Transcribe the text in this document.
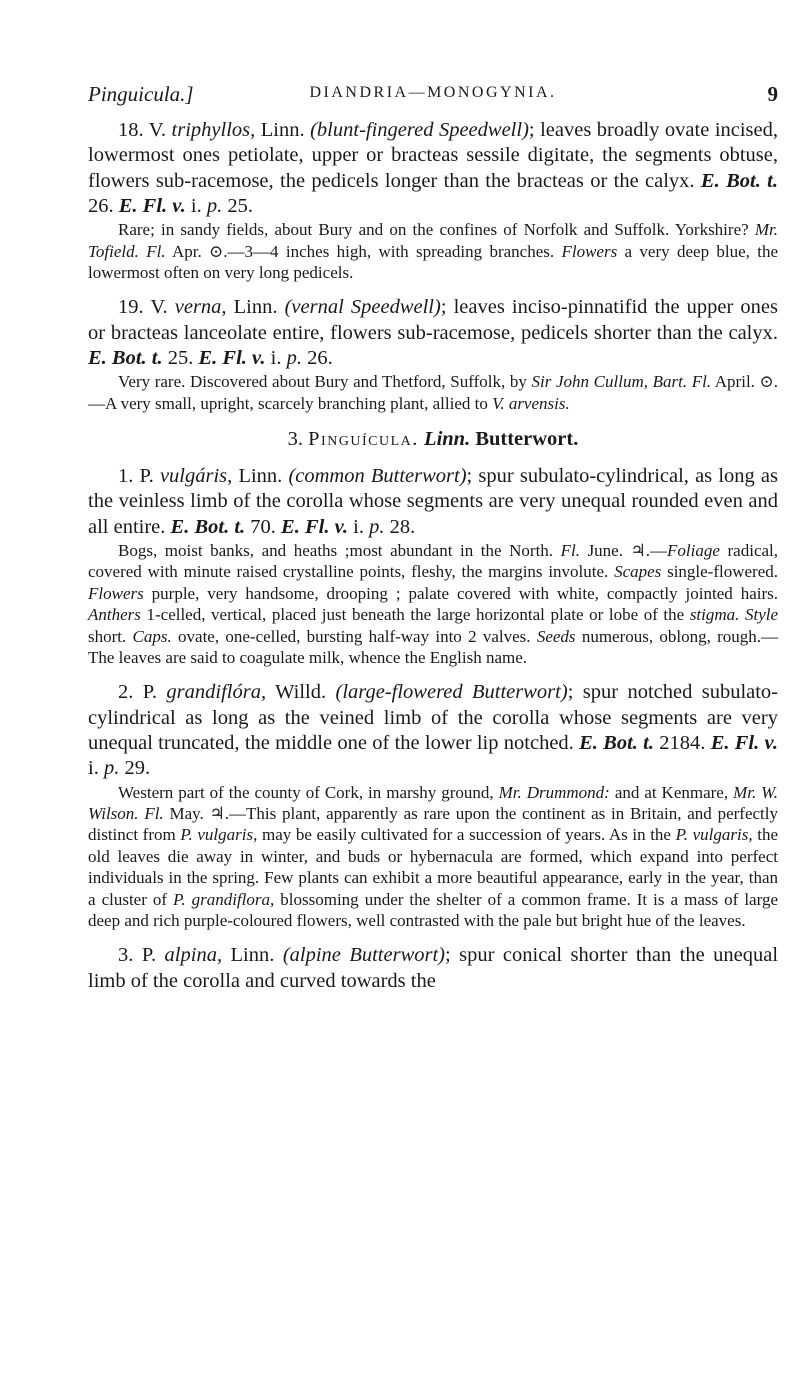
Pinguicula.]	DIANDRIA—MONOGYNIA.	9

18. V. triphyllos, Linn. (blunt-fingered Speedwell); leaves broadly ovate incised, lowermost ones petiolate, upper or bracteas sessile digitate, the segments obtuse, flowers sub-racemose, the pedicels longer than the bracteas or the calyx. E. Bot. t. 26. E. Fl. v. i. p. 25.

Rare; in sandy fields, about Bury and on the confines of Norfolk and Suffolk. Yorkshire? Mr. Tofield. Fl. Apr. ⊙.—3—4 inches high, with spreading branches. Flowers a very deep blue, the lowermost often on very long pedicels.

19. V. verna, Linn. (vernal Speedwell); leaves inciso-pinnatifid the upper ones or bracteas lanceolate entire, flowers sub-racemose, pedicels shorter than the calyx. E. Bot. t. 25. E. Fl. v. i. p. 26.

Very rare. Discovered about Bury and Thetford, Suffolk, by Sir John Cullum, Bart. Fl. April. ⊙.—A very small, upright, scarcely branching plant, allied to V. arvensis.

3. Pinguícula. Linn. Butterwort.

1. P. vulgáris, Linn. (common Butterwort); spur subulato-cylindrical, as long as the veinless limb of the corolla whose segments are very unequal rounded even and all entire. E. Bot. t. 70. E. Fl. v. i. p. 28.

Bogs, moist banks, and heaths ;most abundant in the North. Fl. June. ♃.—Foliage radical, covered with minute raised crystalline points, fleshy, the margins involute. Scapes single-flowered. Flowers purple, very handsome, drooping ; palate covered with white, compactly jointed hairs. Anthers 1-celled, vertical, placed just beneath the large horizontal plate or lobe of the stigma. Style short. Caps. ovate, one-celled, bursting half-way into 2 valves. Seeds numerous, oblong, rough.—The leaves are said to coagulate milk, whence the English name.

2. P. grandiflóra, Willd. (large-flowered Butterwort); spur notched subulato-cylindrical as long as the veined limb of the corolla whose segments are very unequal truncated, the middle one of the lower lip notched. E. Bot. t. 2184. E. Fl. v. i. p. 29.

Western part of the county of Cork, in marshy ground, Mr. Drummond: and at Kenmare, Mr. W. Wilson. Fl. May. ♃.—This plant, apparently as rare upon the continent as in Britain, and perfectly distinct from P. vulgaris, may be easily cultivated for a succession of years. As in the P. vulgaris, the old leaves die away in winter, and buds or hybernacula are formed, which expand into perfect individuals in the spring. Few plants can exhibit a more beautiful appearance, early in the year, than a cluster of P. grandiflora, blossoming under the shelter of a common frame. It is a mass of large deep and rich purple-coloured flowers, well contrasted with the pale but bright hue of the leaves.

3. P. alpina, Linn. (alpine Butterwort); spur conical shorter than the unequal limb of the corolla and curved towards the
